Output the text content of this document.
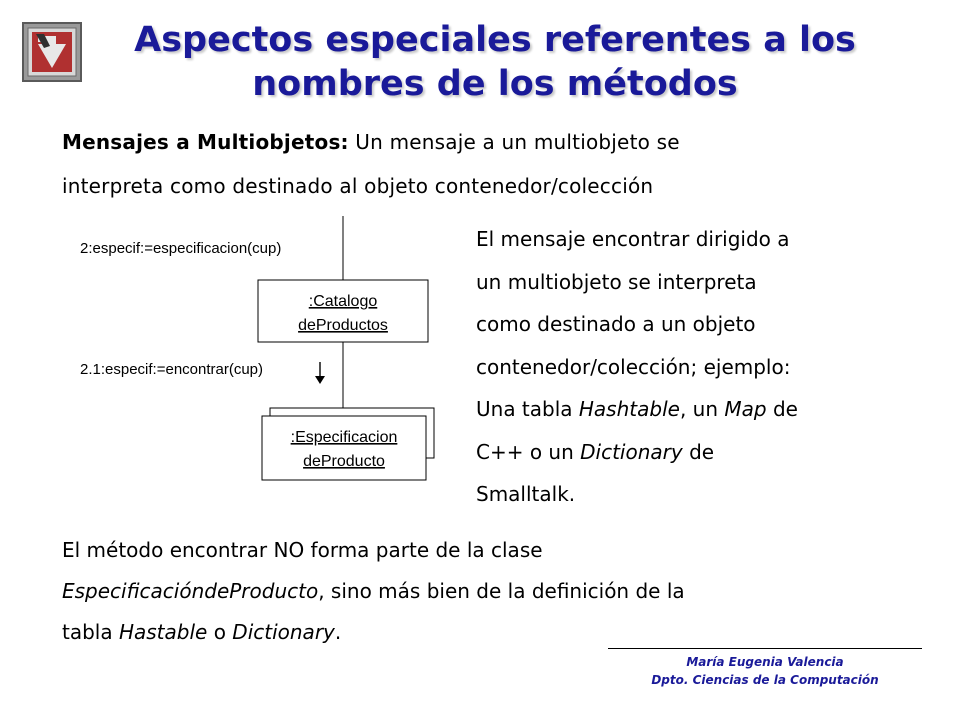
Aspectos especiales referentes a los
nombres de los métodos

Mensajes a Multiobjetos: Un mensaje a un multiobjeto se

interpreta como destinado al objeto contenedor/colección

2:especif:=especificacion(cup)
:Catalogo
deProductos
2.1:especif:=encontrar(cup)
:Especificacion
deProducto

El mensaje encontrar dirigido a

un multiobjeto se interpreta

como destinado a un objeto

contenedor/colección; ejemplo:

Una tabla Hashtable, un Map de

C++ o un Dictionary de

Smalltalk.

El método encontrar NO forma parte de la clase

EspecificacióndeProducto, sino más bien de la definición de la

tabla Hastable o Dictionary.

María Eugenia Valencia
Dpto. Ciencias de la Computación
